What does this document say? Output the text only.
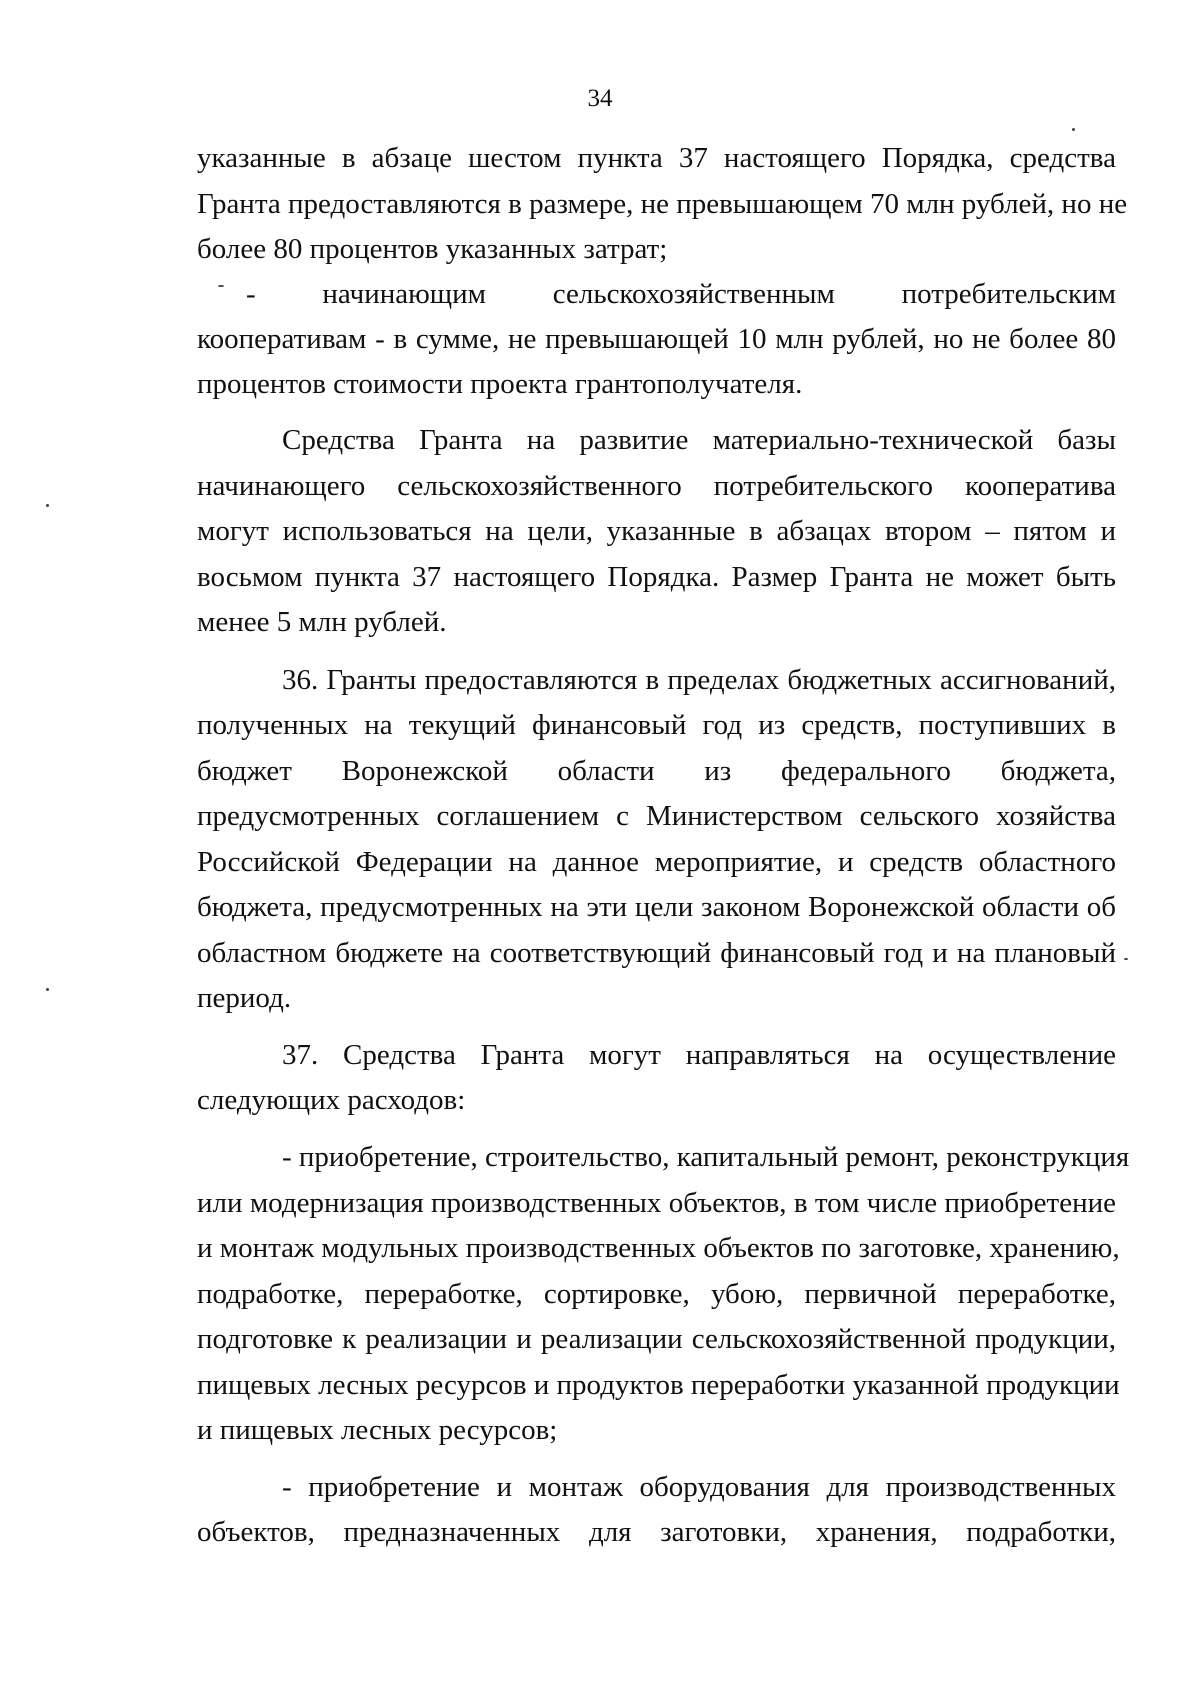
34

указанные в абзаце шестом пункта 37 настоящего Порядка, средства

Гранта предоставляются в размере, не превышающем 70 млн рублей, но не

более 80 процентов указанных затрат;

- начинающим сельскохозяйственным потребительским

кооперативам - в сумме, не превышающей 10 млн рублей, но не более 80

процентов стоимости проекта грантополучателя.

Средства Гранта на развитие материально-технической базы

начинающего сельскохозяйственного потребительского кооператива

могут использоваться на цели, указанные в абзацах втором – пятом и

восьмом пункта 37 настоящего Порядка. Размер Гранта не может быть

менее 5 млн рублей.

36. Гранты предоставляются в пределах бюджетных ассигнований,

полученных на текущий финансовый год из средств, поступивших в

бюджет Воронежской области из федерального бюджета,

предусмотренных соглашением с Министерством сельского хозяйства

Российской Федерации на данное мероприятие, и средств областного

бюджета, предусмотренных на эти цели законом Воронежской области об

областном бюджете на соответствующий финансовый год и на плановый

период.

37. Средства Гранта могут направляться на осуществление

следующих расходов:

- приобретение, строительство, капитальный ремонт, реконструкция

или модернизация производственных объектов, в том числе приобретение

и монтаж модульных производственных объектов по заготовке, хранению,

подработке, переработке, сортировке, убою, первичной переработке,

подготовке к реализации и реализации сельскохозяйственной продукции,

пищевых лесных ресурсов и продуктов переработки указанной продукции

и пищевых лесных ресурсов;

- приобретение и монтаж оборудования для производственных

объектов, предназначенных для заготовки, хранения, подработки,
